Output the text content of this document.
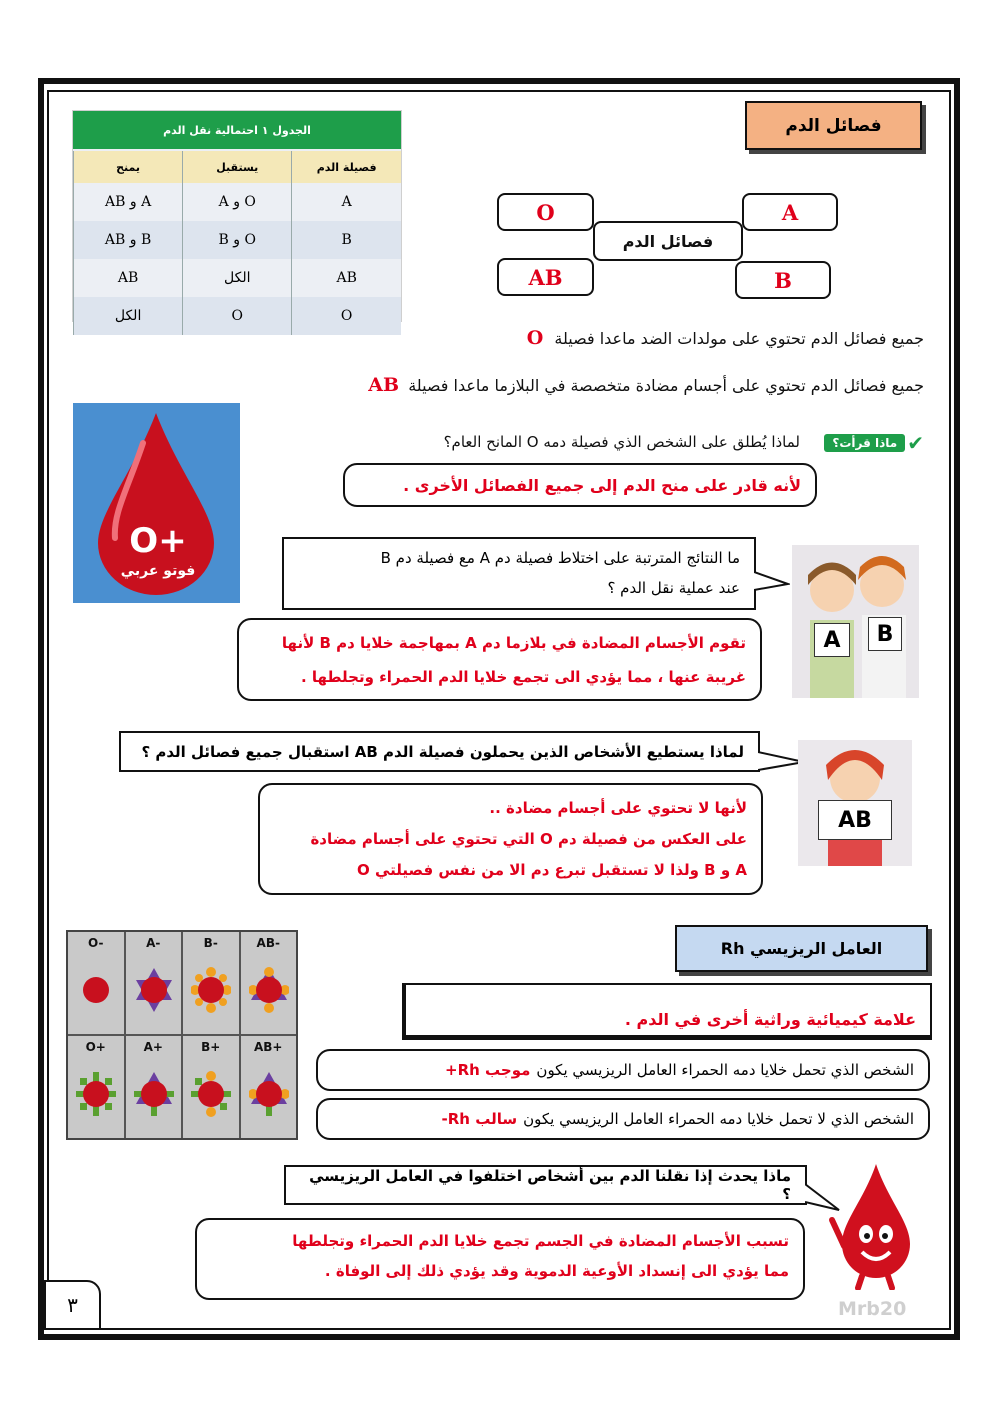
فصائل الدم
الجدول ١ احتمالية نقل الدم
فصيلة الدم	يستقبل	يمنح
A	O و A	A و AB
B	O و B	B و AB
AB	الكل	AB
O	O	الكل
O	A
فصائل الدم
AB	B
جميع فصائل الدم تحتوي على مولدات الضد ماعدا فصيلة O
جميع فصائل الدم تحتوي على أجسام مضادة متخصصة في البلازما ماعدا فصيلة AB
O+
فوتو عربي
✔
ماذا قرأت؟
لماذا يُطلق على الشخص الذي فصيلة دمه O المانح العام؟
لأنه قادر على منح الدم إلى جميع الفصائل الأخرى .
ما النتائج المترتبة على اختلاط فصيلة دم A مع فصيلة دم B
عند عملية نقل الدم ؟
تقوم الأجسام المضادة في بلازما دم A بمهاجمة خلايا دم B لأنها
غريبة عنها ، مما يؤدي الى تجمع خلايا الدم الحمراء وتجلطها .
A	B
لماذا يستطيع الأشخاص الذين يحملون فصيلة الدم AB استقبال جميع فصائل الدم ؟
لأنها لا تحتوي على أجسام مضادة ..
على العكس من فصيلة دم O التي تحتوي على أجسام مضادة
A و B ولذا لا تستقبل تبرع دم الا من نفس فصيلتي O
AB
O-	A-	B-	AB-
O+	A+	B+	AB+
العامل الريزيسي Rh
علامة كيميائية وراثية أخرى في الدم .
الشخص الذي تحمل خلايا دمه الحمراء العامل الريزيسي يكون
موجب Rh+
الشخص الذي لا تحمل خلايا دمه الحمراء العامل الريزيسي يكون
سالب Rh-
ماذا يحدث إذا نقلنا الدم بين أشخاص اختلفوا في العامل الريزيسي ؟
تسبب الأجسام المضادة في الجسم تجمع خلايا الدم الحمراء وتجلطها
مما يؤدي الى إنسداد الأوعية الدموية وقد يؤدي ذلك إلى الوفاة .
٣	Mrb20
